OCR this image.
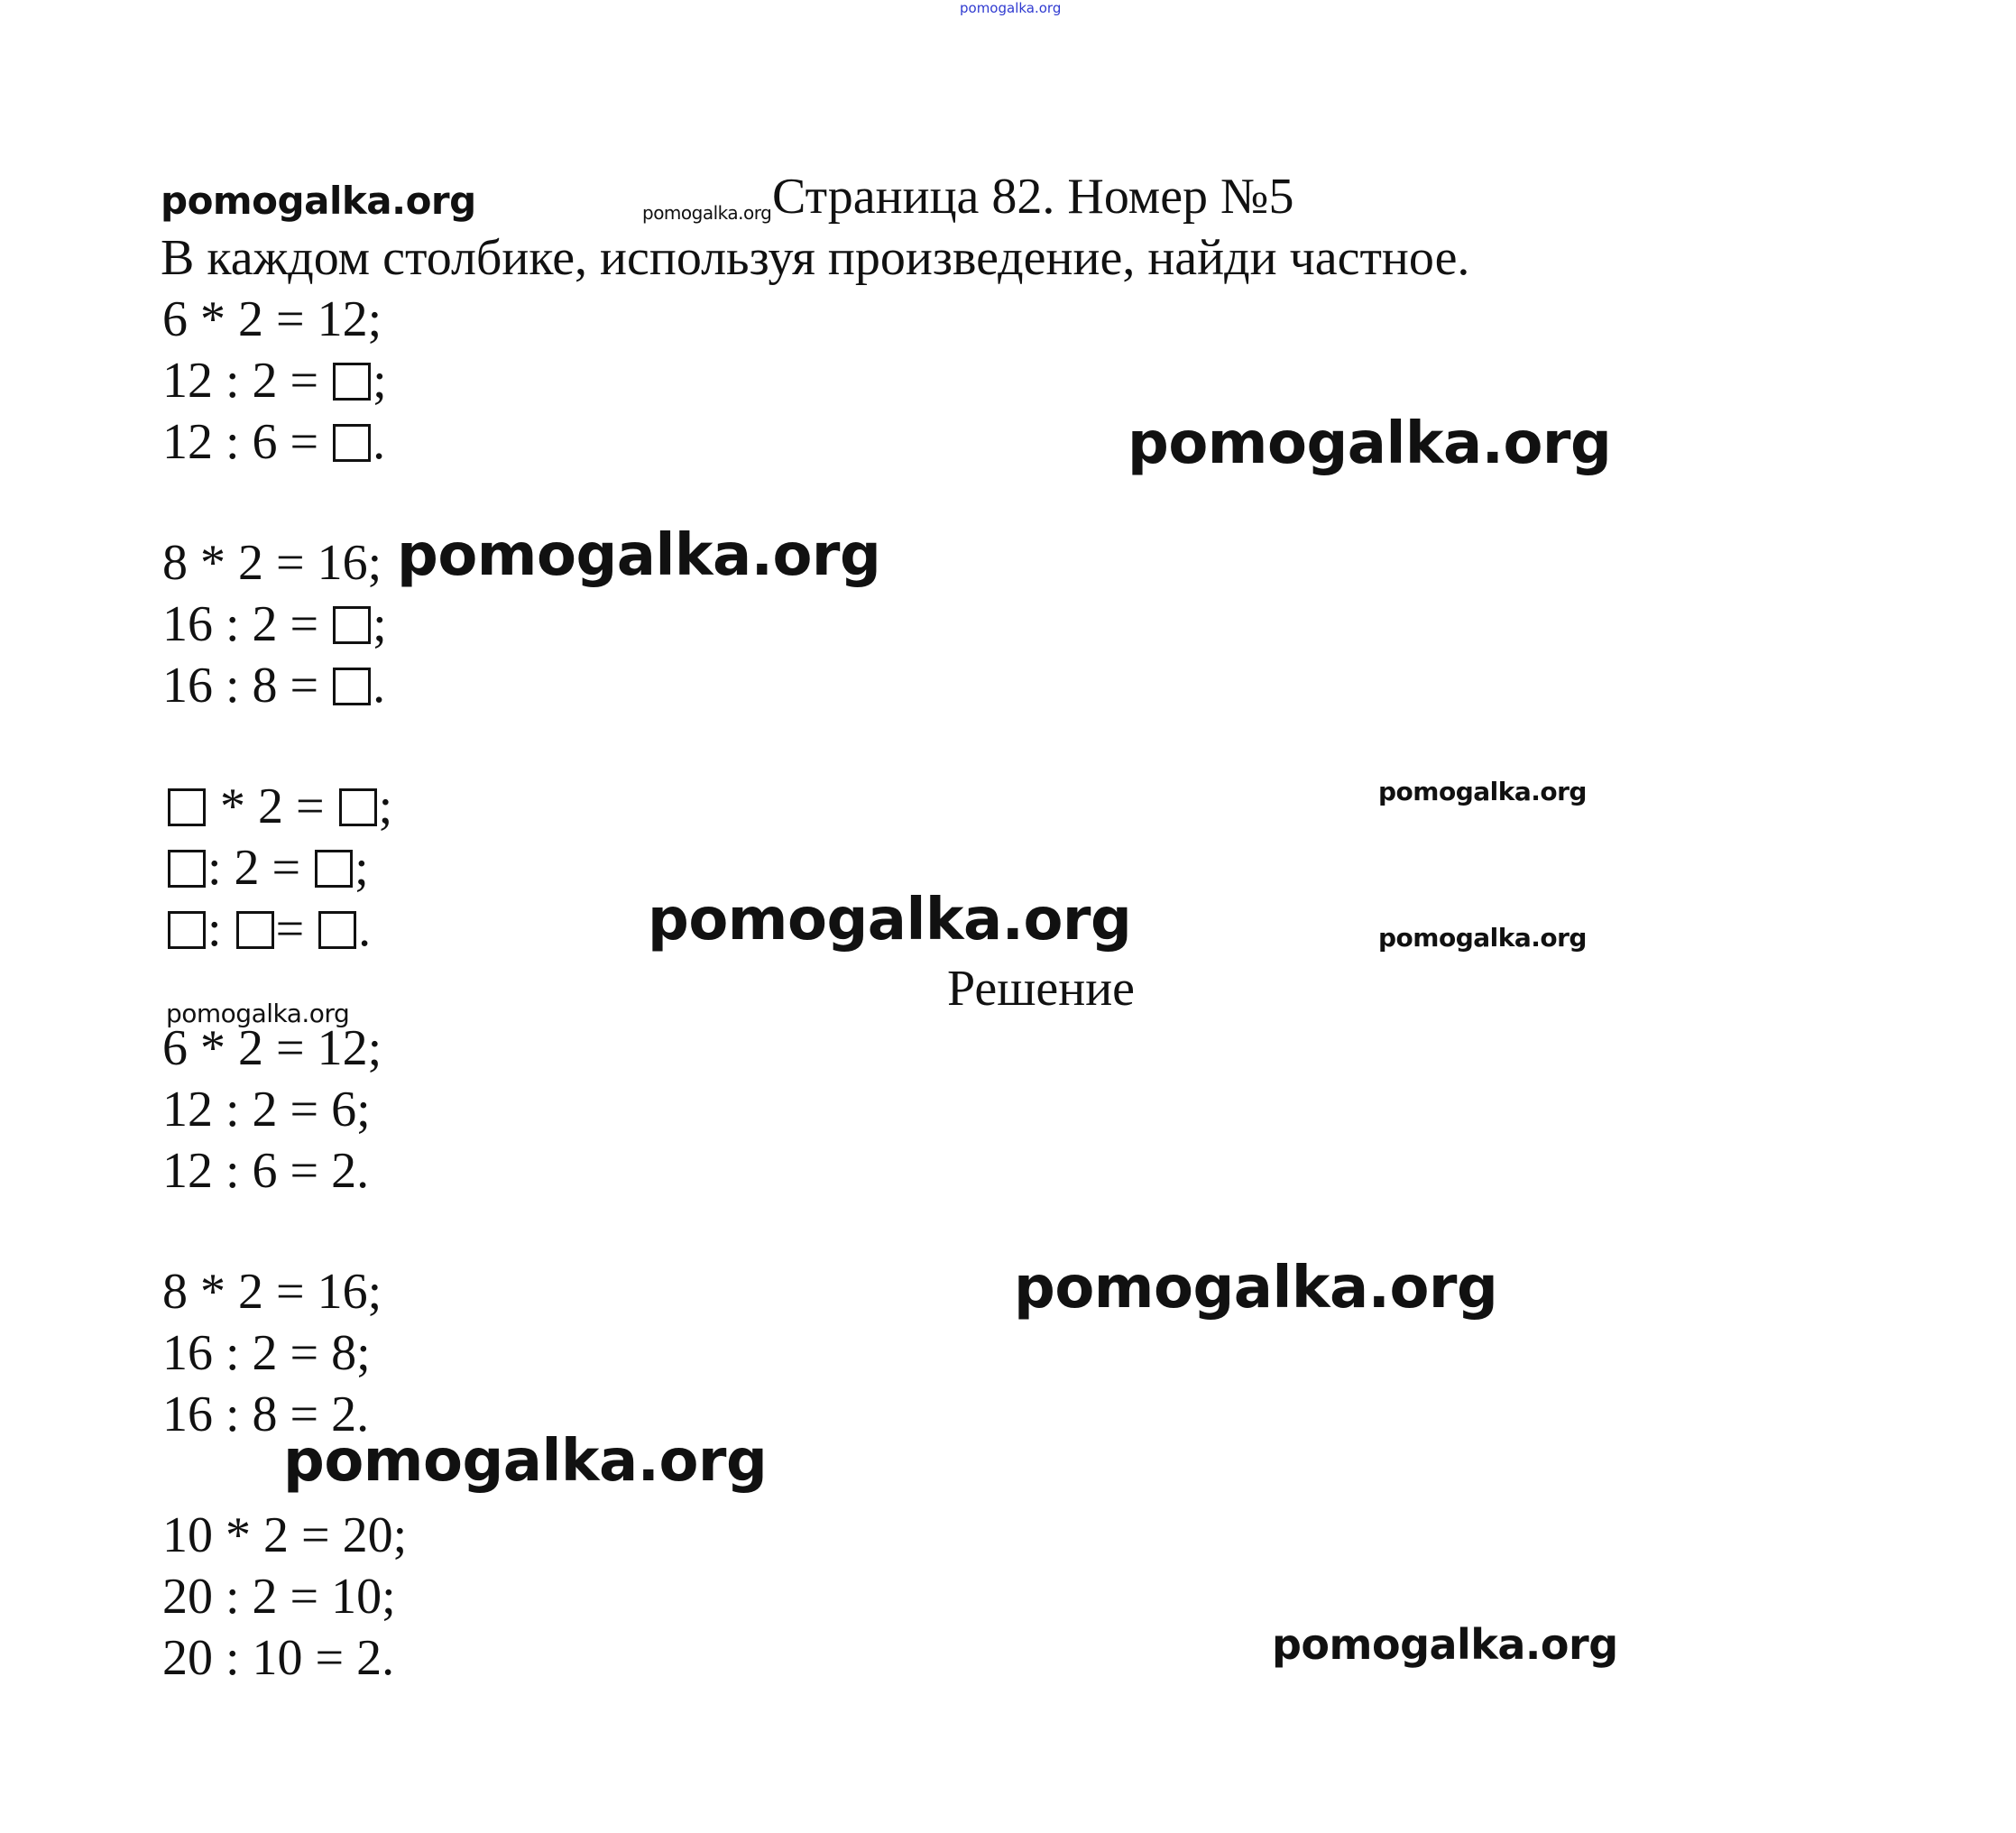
pomogalka.org
pomogalka.org	pomogalka.org Страница 82. Номер №5
В каждом столбике, используя произведение, найди частное.
6 * 2 = 12;
12 : 2 = ;
12 : 6 = .	pomogalka.org
8 * 2 = 16; pomogalka.org
16 : 2 = ;
16 : 8 = .
* 2 = ;	pomogalka.org
: 2 = ;
: = .	pomogalka.org	pomogalka.org
Решение
pomogalka.org
6 * 2 = 12;
12 : 2 = 6;
12 : 6 = 2.
8 * 2 = 16;	pomogalka.org
16 : 2 = 8;
16 : 8 = 2.
pomogalka.org
10 * 2 = 20;
20 : 2 = 10;
20 : 10 = 2.	pomogalka.org
